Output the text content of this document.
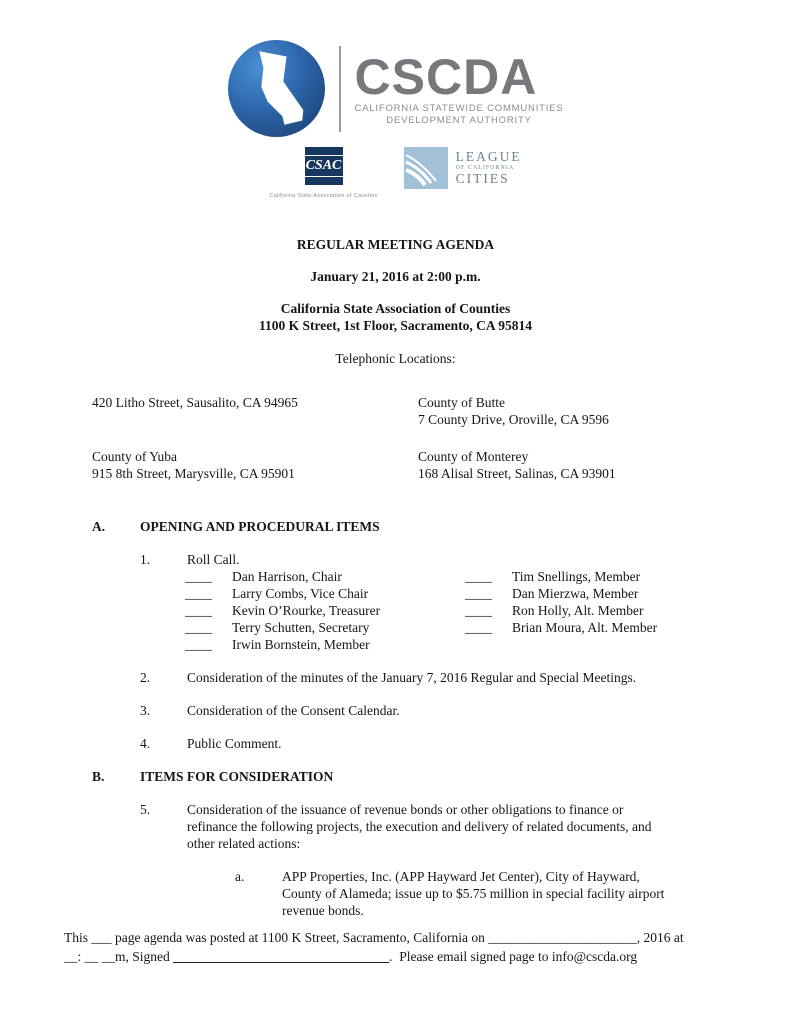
CSCDA
CALIFORNIA STATEWIDE COMMUNITIES
DEVELOPMENT AUTHORITY
CSAC
California State Association of Counties
LEAGUE
OF CALIFORNIA
CITIES
REGULAR MEETING AGENDA
January 21, 2016 at 2:00 p.m.
California State Association of Counties
1100 K Street, 1st Floor, Sacramento, CA 95814
Telephonic Locations:
420 Litho Street, Sausalito, CA 94965	County of Butte
7 County Drive, Oroville, CA 9596
County of Yuba
915 8th Street, Marysville, CA 95901
County of Monterey
168 Alisal Street, Salinas, CA 93901
A.	OPENING AND PROCEDURAL ITEMS
1.	Roll Call.
____ Dan Harrison, Chair
____ Larry Combs, Vice Chair
____ Kevin O’Rourke, Treasurer
____ Terry Schutten, Secretary
____ Irwin Bornstein, Member
____ Tim Snellings, Member
____ Dan Mierzwa, Member
____ Ron Holly, Alt. Member
____ Brian Moura, Alt. Member
2.	Consideration of the minutes of the January 7, 2016 Regular and Special Meetings.
3.	Consideration of the Consent Calendar.
4.	Public Comment.
B.	ITEMS FOR CONSIDERATION
5.	Consideration of the issuance of revenue bonds or other obligations to finance or refinance the following projects, the execution and delivery of related documents, and other related actions:
a.	APP Properties, Inc. (APP Hayward Jet Center), City of Hayward, County of Alameda; issue up to $5.75 million in special facility airport revenue bonds.
This ___ page agenda was posted at 1100 K Street, Sacramento, California on ______________________, 2016 at
__: __ __m, Signed ________________________________.  Please email signed page to info@cscda.org
